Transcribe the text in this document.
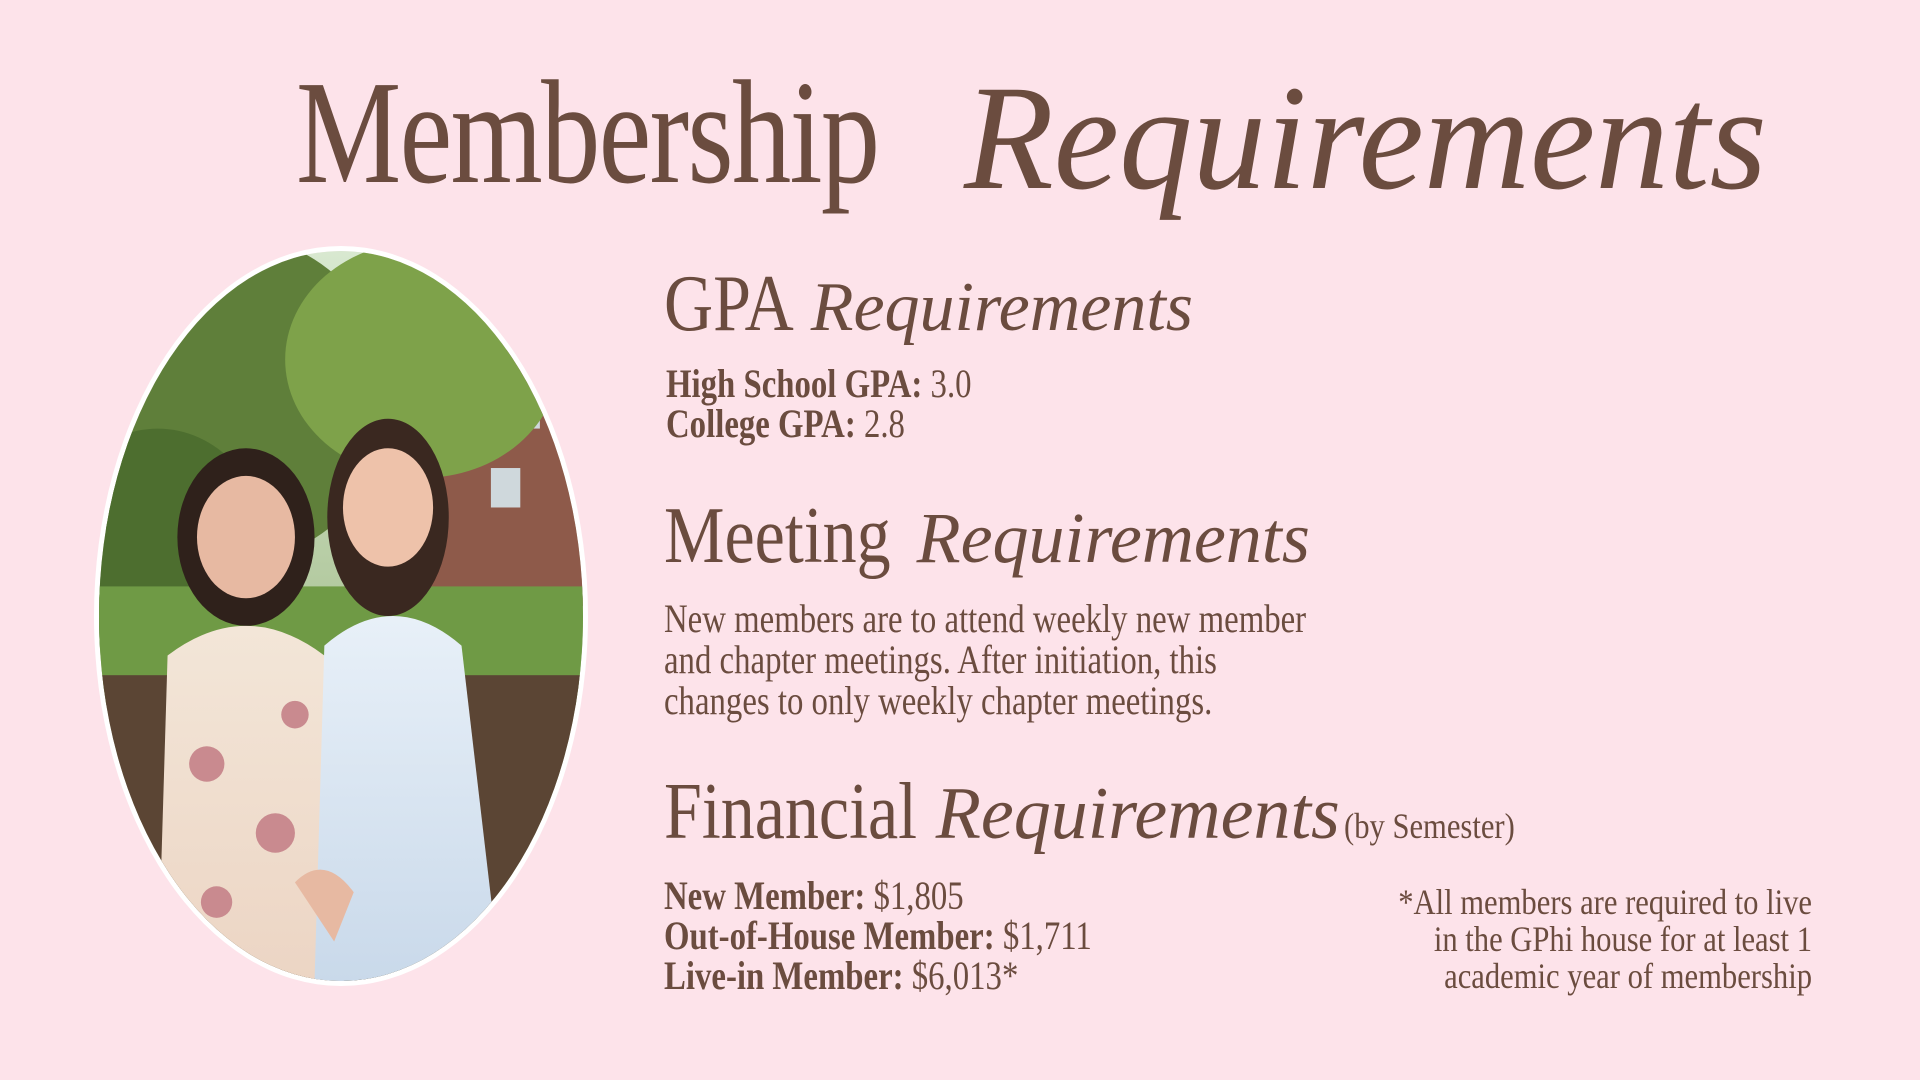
Membership Requirements
GPA Requirements
High School GPA: 3.0
College GPA: 2.8
Meeting Requirements
New members are to attend weekly new member and chapter meetings. After initiation, this changes to only weekly chapter meetings.
Financial Requirements (by Semester)
New Member: $1,805
Out-of-House Member: $1,711
Live-in Member: $6,013*
*All members are required to live
in the GPhi house for at least 1
academic year of membership
